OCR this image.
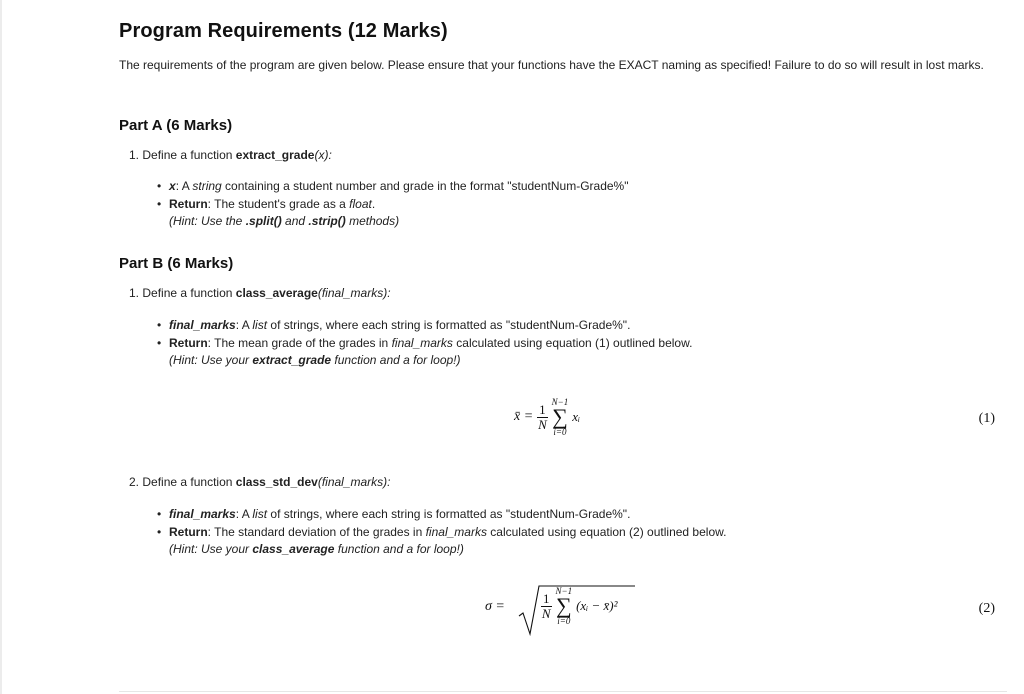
Program Requirements (12 Marks)

The requirements of the program are given below. Please ensure that your functions have the EXACT naming as specified! Failure to do so will result in lost marks.

Part A (6 Marks)

1. Define a function extract_grade(x):

• x: A string containing a student number and grade in the format "studentNum-Grade%"
• Return: The student's grade as a float.

(Hint: Use the .split() and .strip() methods)

Part B (6 Marks)

1. Define a function class_average(final_marks):

• final_marks: A list of strings, where each string is formatted as "studentNum-Grade%".
• Return: The mean grade of the grades in final_marks calculated using equation (1) outlined below.

(Hint: Use your extract_grade function and a for loop!)

x̄ = $\frac{1}{N}$

N−1
∑
i=0
xᵢ	(1)

2. Define a function class_std_dev(final_marks):

• final_marks: A list of strings, where each string is formatted as "studentNum-Grade%".
• Return: The standard deviation of the grades in final_marks calculated using equation (2) outlined below.

(Hint: Use your class_average function and a for loop!)

σ =	$\frac{1}{N}$

N−1
∑
i=0
(xᵢ − x̄)²	(2)
